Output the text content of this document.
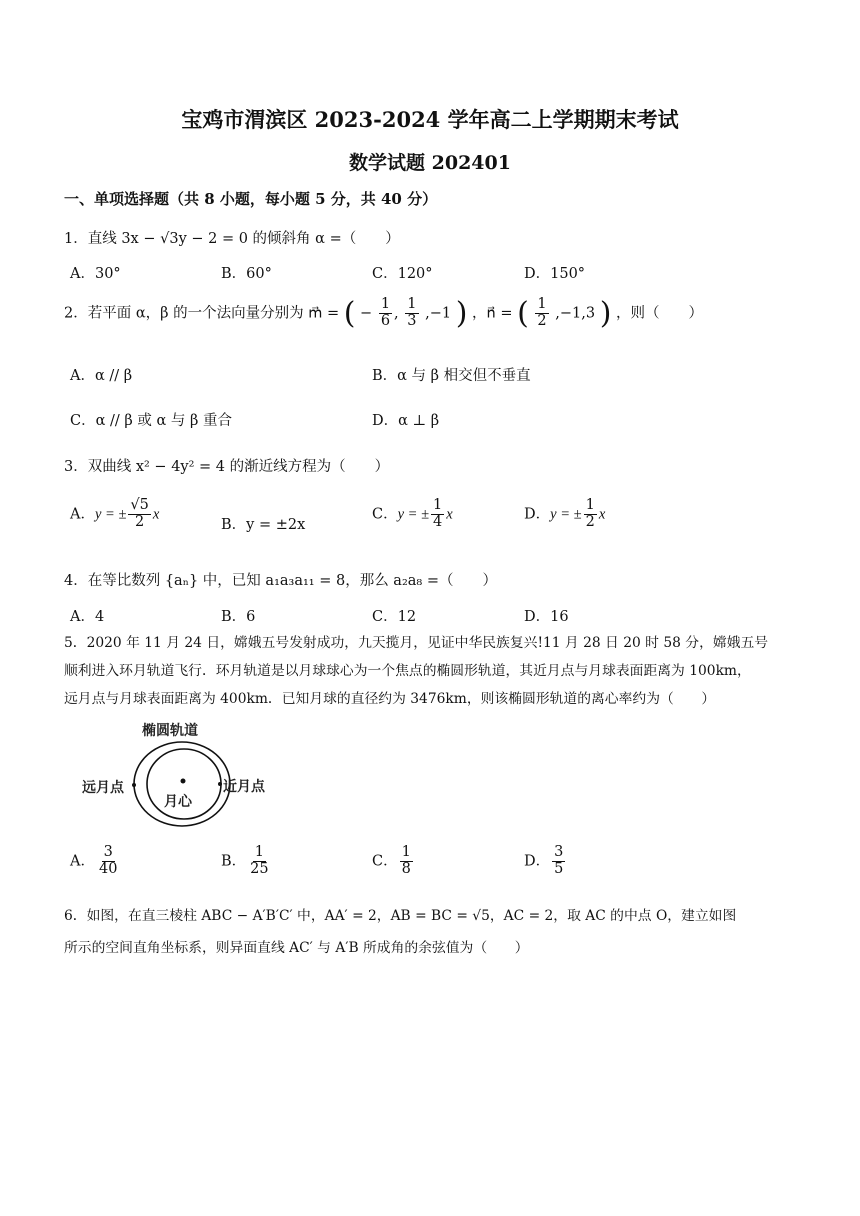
宝鸡市渭滨区 2023-2024 学年高二上学期期末考试
数学试题 202401
一、单项选择题（共 8 小题，每小题 5 分，共 40 分）
1．直线 3x − √3y − 2 = 0 的倾斜角 α =（　　）
A．30°	B．60°	C．120°	D．150°
2．若平面 α，β 的一个法向量分别为 m⃗ = ( − $\frac{1}{6}$ , $\frac{1}{3} ,-1$ ) ，n⃗ = ( $\frac{1}{2} ,-1,3$ ) ，则（　　）
A．α // β	B．α 与 β 相交但不垂直
C．α // β 或 α 与 β 重合	D．α ⊥ β
3．双曲线 x² − 4y² = 4 的渐近线方程为（　　）
A．y = ± $\frac{√5}{2}$ x
B．y = ±2x
C．y = ± $\frac{1}{4}$ x	D．y = ± $\frac{1}{2}$ x
4．在等比数列 {aₙ} 中，已知 a₁a₃a₁₁ = 8，那么 a₂a₈ =（　　）
A．4	B．6	C．12	D．16
5．2020 年 11 月 24 日，嫦娥五号发射成功，九天揽月，见证中华民族复兴!11 月 28 日 20 时 58 分，嫦娥五号
顺利进入环月轨道飞行．环月轨道是以月球球心为一个焦点的椭圆形轨道，其近月点与月球表面距离为 100km，
远月点与月球表面距离为 400km．已知月球的直径约为 3476km，则该椭圆形轨道的离心率约为（　　）
椭圆轨道
远月点	近月点
月心
A． $\frac{3}{40}$	B． $\frac{1}{25}$	C． $\frac{1}{8}$	D． $\frac{3}{5}$
6．如图，在直三棱柱 ABC − A′B′C′ 中，AA′ = 2，AB = BC = √5，AC = 2，取 AC 的中点 O，建立如图
所示的空间直角坐标系，则异面直线 AC′ 与 A′B 所成角的余弦值为（　　）
